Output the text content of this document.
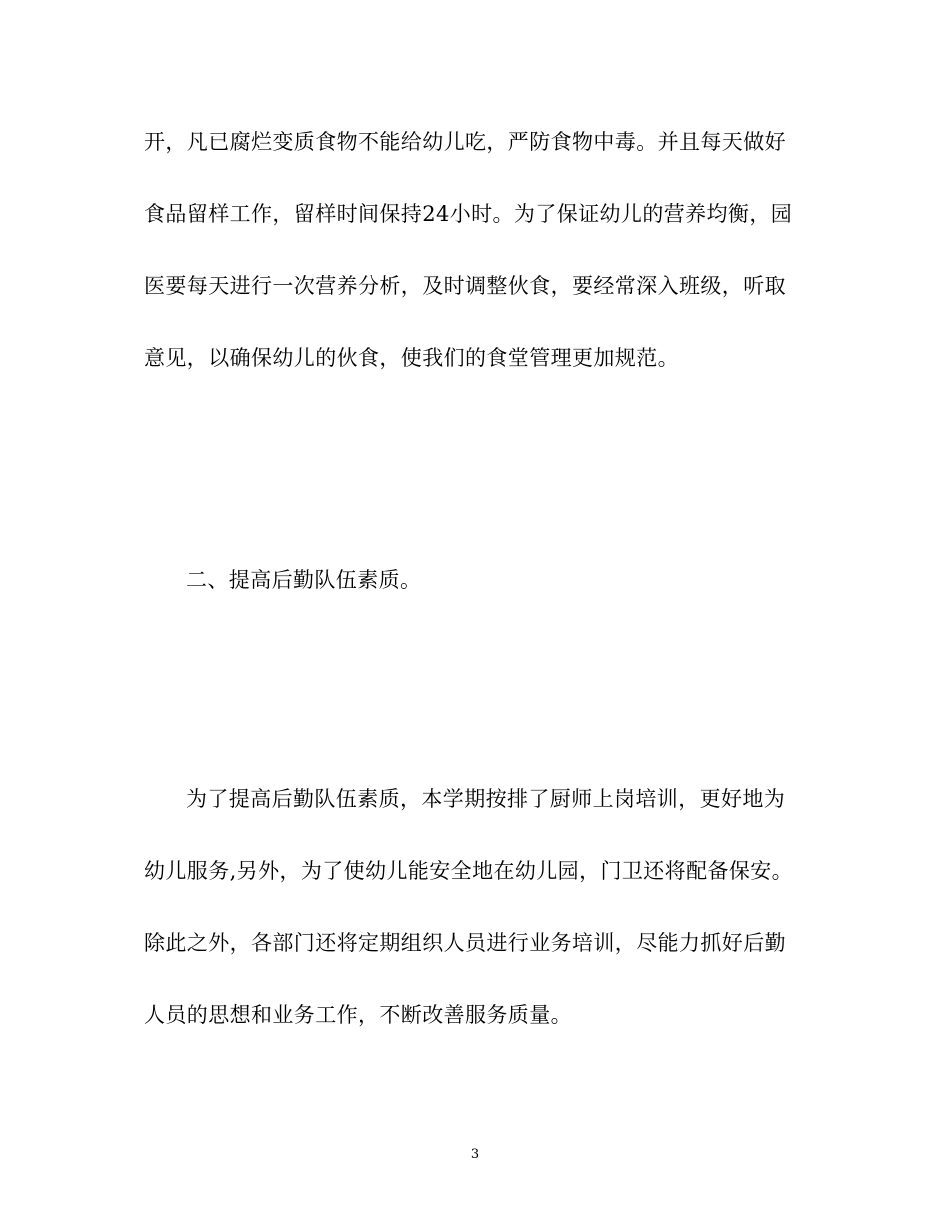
开，凡已腐烂变质食物不能给幼儿吃，严防食物中毒。并且每天做好
食品留样工作，留样时间保持24小时。为了保证幼儿的营养均衡，园
医要每天进行一次营养分析，及时调整伙食，要经常深入班级，听取
意见，以确保幼儿的伙食，使我们的食堂管理更加规范。
二、提高后勤队伍素质。
为了提高后勤队伍素质，本学期按排了厨师上岗培训，更好地为
幼儿服务,另外，为了使幼儿能安全地在幼儿园，门卫还将配备保安。
除此之外，各部门还将定期组织人员进行业务培训，尽能力抓好后勤
人员的思想和业务工作，不断改善服务质量。
3
